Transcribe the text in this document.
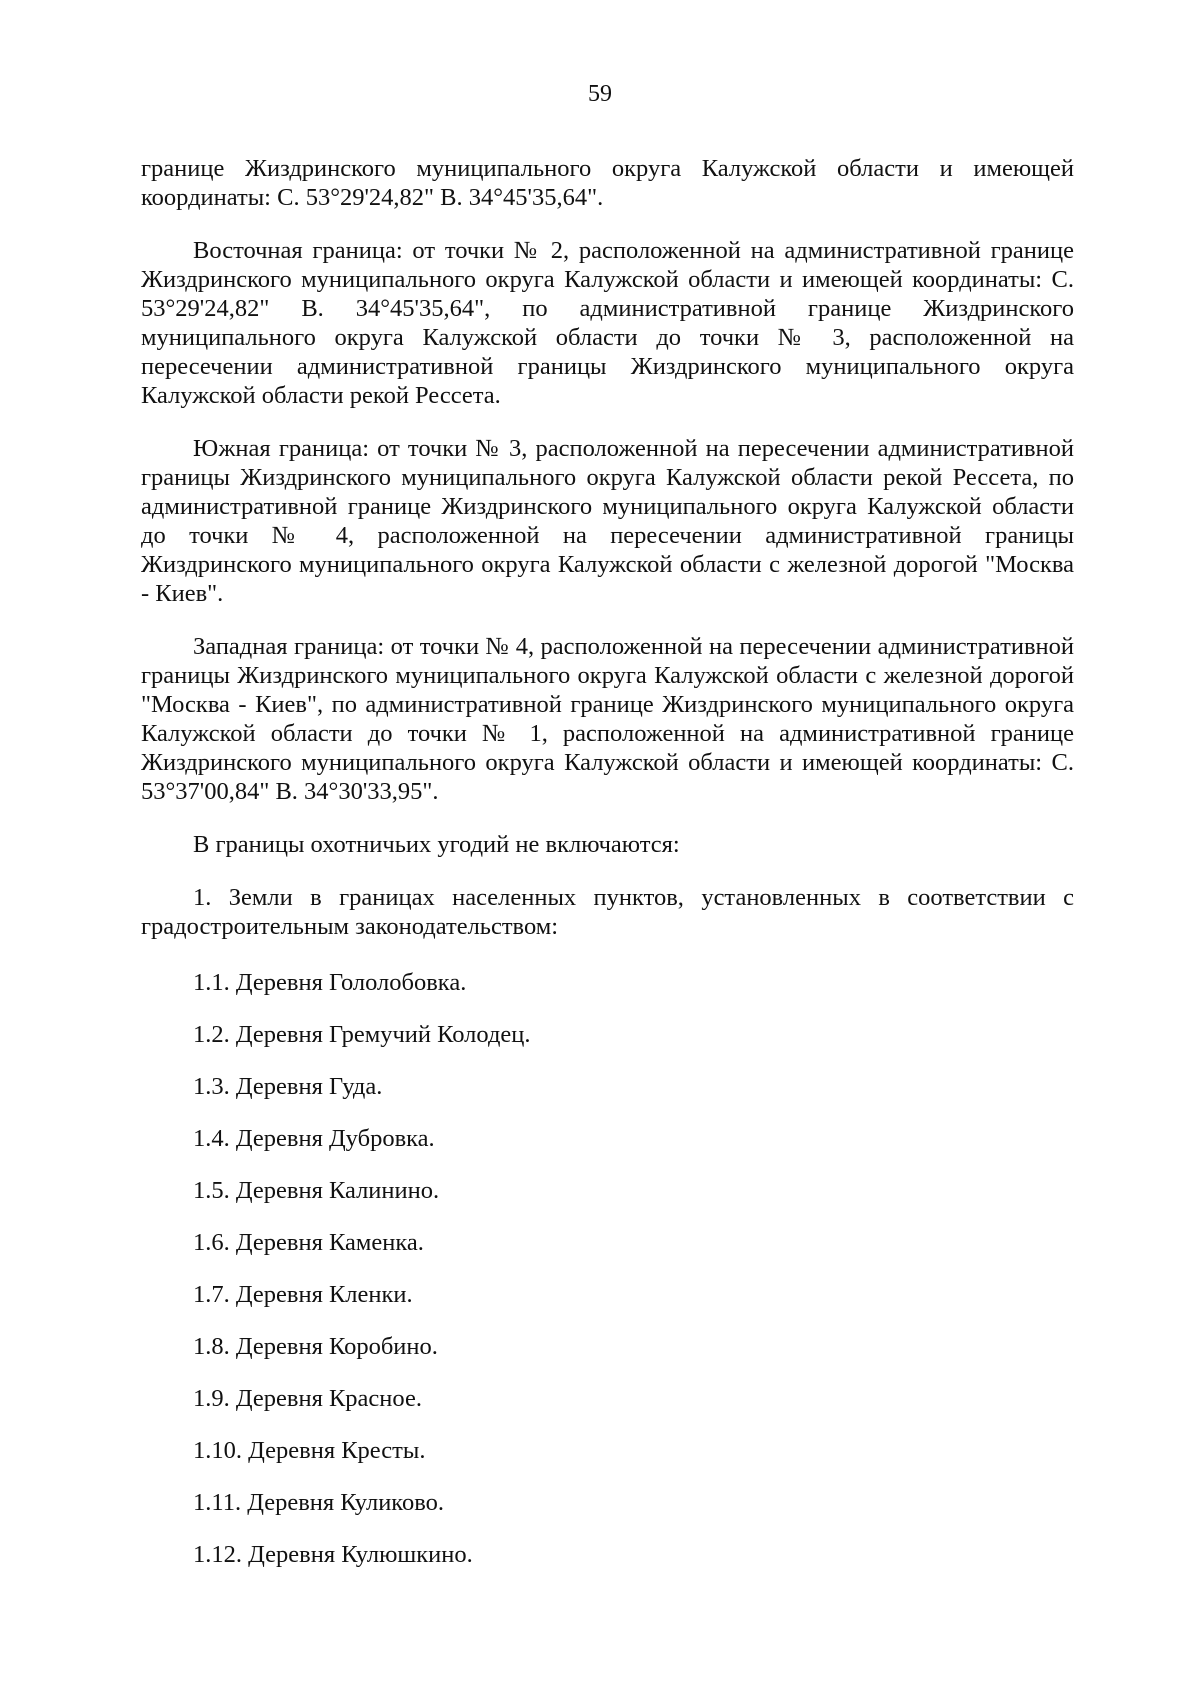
59

границе Жиздринского муниципального округа Калужской области и имеющей координаты: С. 53°29'24,82" В. 34°45'35,64".

Восточная граница: от точки № 2, расположенной на административной границе Жиздринского муниципального округа Калужской области и имеющей координаты: С. 53°29'24,82" В. 34°45'35,64", по административной границе Жиздринского муниципального округа Калужской области до точки № 3, расположенной на пересечении административной границы Жиздринского муниципального округа Калужской области рекой Рессета.

Южная граница: от точки № 3, расположенной на пересечении административной границы Жиздринского муниципального округа Калужской области рекой Рессета, по административной границе Жиздринского муниципального округа Калужской области до точки № 4, расположенной на пересечении административной границы Жиздринского муниципального округа Калужской области с железной дорогой "Москва - Киев".

Западная граница: от точки № 4, расположенной на пересечении административной границы Жиздринского муниципального округа Калужской области с железной дорогой "Москва - Киев", по административной границе Жиздринского муниципального округа Калужской области до точки № 1, расположенной на административной границе Жиздринского муниципального округа Калужской области и имеющей координаты: С. 53°37'00,84" В. 34°30'33,95".

В границы охотничьих угодий не включаются:

1. Земли в границах населенных пунктов, установленных в соответствии с градостроительным законодательством:

1.1. Деревня Гололобовка.
1.2. Деревня Гремучий Колодец.
1.3. Деревня Гуда.
1.4. Деревня Дубровка.
1.5. Деревня Калинино.
1.6. Деревня Каменка.
1.7. Деревня Кленки.
1.8. Деревня Коробино.
1.9. Деревня Красное.
1.10. Деревня Кресты.
1.11. Деревня Куликово.
1.12. Деревня Кулюшкино.
